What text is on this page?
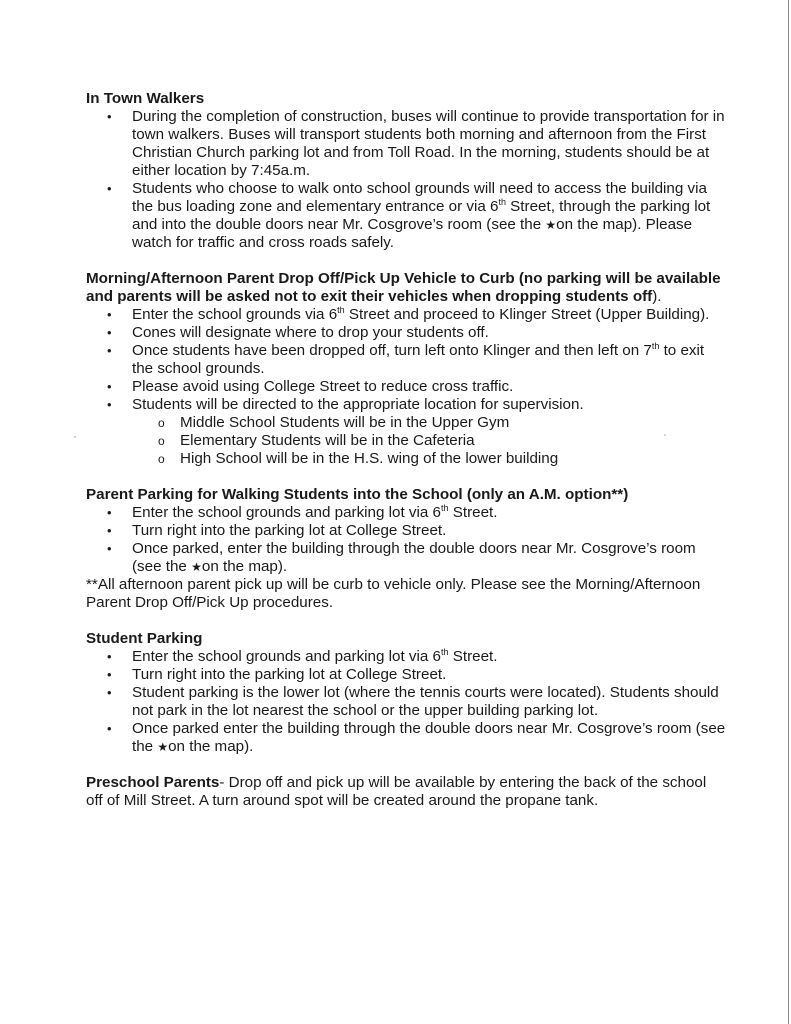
In Town Walkers
• During the completion of construction, buses will continue to provide transportation for in town walkers. Buses will transport students both morning and afternoon from the First Christian Church parking lot and from Toll Road. In the morning, students should be at either location by 7:45a.m.
• Students who choose to walk onto school grounds will need to access the building via the bus loading zone and elementary entrance or via 6th Street, through the parking lot and into the double doors near Mr. Cosgrove’s room (see the ★on the map). Please watch for traffic and cross roads safely.
Morning/Afternoon Parent Drop Off/Pick Up Vehicle to Curb (no parking will be available and parents will be asked not to exit their vehicles when dropping students off).
• Enter the school grounds via 6th Street and proceed to Klinger Street (Upper Building).
• Cones will designate where to drop your students off.
• Once students have been dropped off, turn left onto Klinger and then left on 7th to exit the school grounds.
• Please avoid using College Street to reduce cross traffic.
• Students will be directed to the appropriate location for supervision.
o Middle School Students will be in the Upper Gym
o Elementary Students will be in the Cafeteria
o High School will be in the H.S. wing of the lower building
Parent Parking for Walking Students into the School (only an A.M. option**)
• Enter the school grounds and parking lot via 6th Street.
• Turn right into the parking lot at College Street.
• Once parked, enter the building through the double doors near Mr. Cosgrove’s room (see the ★on the map).

**All afternoon parent pick up will be curb to vehicle only. Please see the Morning/Afternoon Parent Drop Off/Pick Up procedures.

Student Parking
• Enter the school grounds and parking lot via 6th Street.
• Turn right into the parking lot at College Street.
• Student parking is the lower lot (where the tennis courts were located). Students should not park in the lot nearest the school or the upper building parking lot.
• Once parked enter the building through the double doors near Mr. Cosgrove’s room (see the ★on the map).

Preschool Parents- Drop off and pick up will be available by entering the back of the school off of Mill Street. A turn around spot will be created around the propane tank.
